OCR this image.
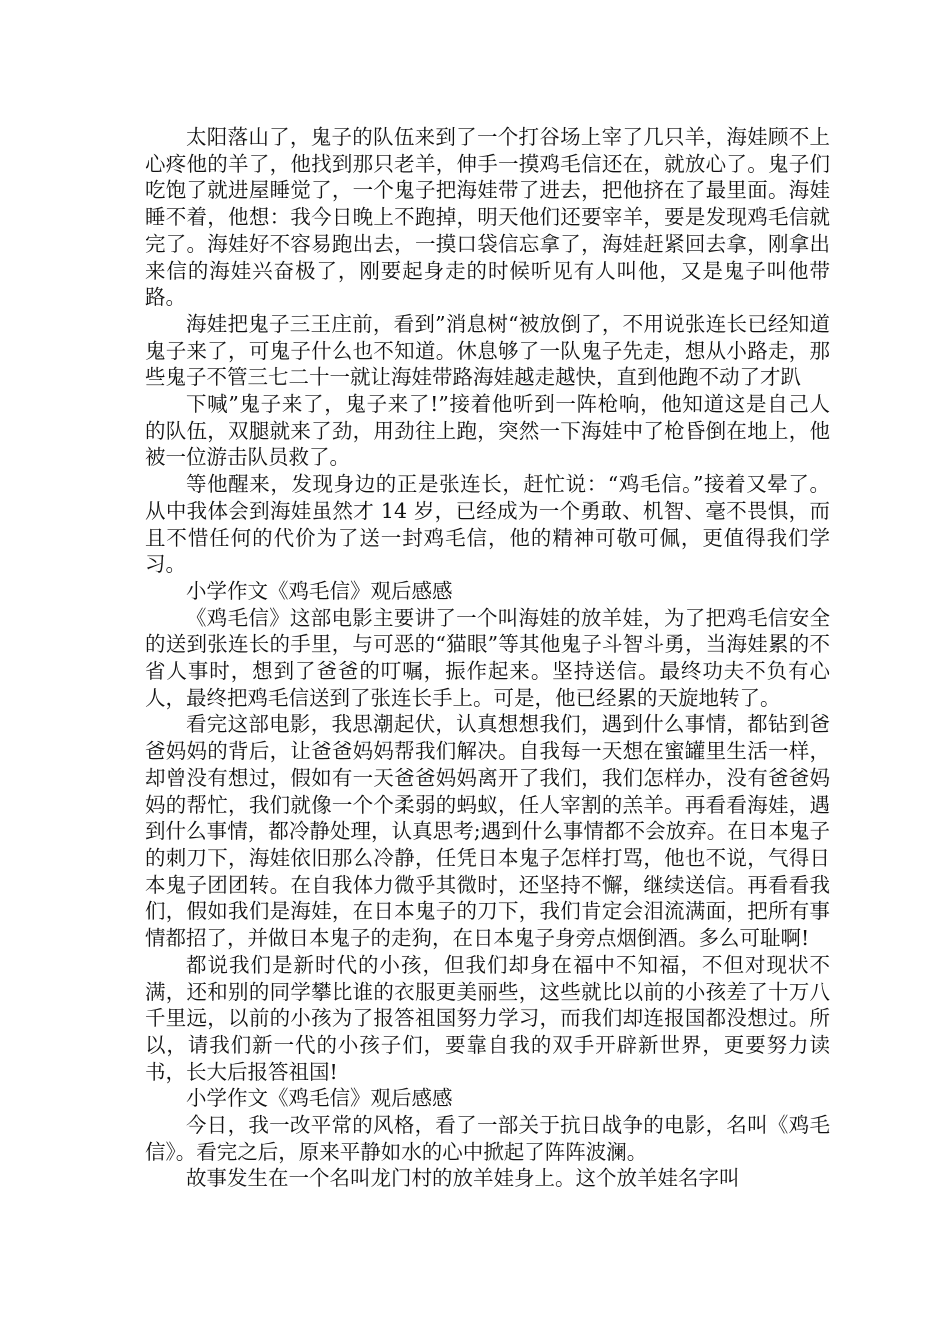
太阳落山了，鬼子的队伍来到了一个打谷场上宰了几只羊，海娃顾不上心疼他的羊了，他找到那只老羊，伸手一摸鸡毛信还在，就放心了。鬼子们吃饱了就进屋睡觉了，一个鬼子把海娃带了进去，把他挤在了最里面。海娃睡不着，他想：我今日晚上不跑掉，明天他们还要宰羊，要是发现鸡毛信就完了。海娃好不容易跑出去，一摸口袋信忘拿了，海娃赶紧回去拿，刚拿出来信的海娃兴奋极了，刚要起身走的时候听见有人叫他，又是鬼子叫他带路。

海娃把鬼子三王庄前，看到”消息树“被放倒了，不用说张连长已经知道鬼子来了，可鬼子什么也不知道。休息够了一队鬼子先走，想从小路走，那些鬼子不管三七二十一就让海娃带路海娃越走越快，直到他跑不动了才趴

下喊”鬼子来了，鬼子来了!”接着他听到一阵枪响，他知道这是自己人的队伍，双腿就来了劲，用劲往上跑，突然一下海娃中了枪昏倒在地上，他被一位游击队员救了。

等他醒来，发现身边的正是张连长，赶忙说：“鸡毛信。”接着又晕了。从中我体会到海娃虽然才 14 岁，已经成为一个勇敢、机智、毫不畏惧，而且不惜任何的代价为了送一封鸡毛信，他的精神可敬可佩，更值得我们学习。

小学作文《鸡毛信》观后感感

《鸡毛信》这部电影主要讲了一个叫海娃的放羊娃，为了把鸡毛信安全的送到张连长的手里，与可恶的“猫眼”等其他鬼子斗智斗勇，当海娃累的不省人事时，想到了爸爸的叮嘱，振作起来。坚持送信。最终功夫不负有心人，最终把鸡毛信送到了张连长手上。可是，他已经累的天旋地转了。

看完这部电影，我思潮起伏，认真想想我们，遇到什么事情，都钻到爸爸妈妈的背后，让爸爸妈妈帮我们解决。自我每一天想在蜜罐里生活一样，却曾没有想过，假如有一天爸爸妈妈离开了我们，我们怎样办，没有爸爸妈妈的帮忙，我们就像一个个柔弱的蚂蚁，任人宰割的羔羊。再看看海娃，遇到什么事情，都冷静处理，认真思考;遇到什么事情都不会放弃。在日本鬼子的刺刀下，海娃依旧那么冷静，任凭日本鬼子怎样打骂，他也不说，气得日本鬼子团团转。在自我体力微乎其微时，还坚持不懈，继续送信。再看看我们，假如我们是海娃，在日本鬼子的刀下，我们肯定会泪流满面，把所有事情都招了，并做日本鬼子的走狗，在日本鬼子身旁点烟倒酒。多么可耻啊!

都说我们是新时代的小孩，但我们却身在福中不知福，不但对现状不满，还和别的同学攀比谁的衣服更美丽些，这些就比以前的小孩差了十万八千里远，以前的小孩为了报答祖国努力学习，而我们却连报国都没想过。所以，请我们新一代的小孩子们，要靠自我的双手开辟新世界，更要努力读书，长大后报答祖国!

小学作文《鸡毛信》观后感感

今日，我一改平常的风格，看了一部关于抗日战争的电影，名叫《鸡毛信》。看完之后，原来平静如水的心中掀起了阵阵波澜。

故事发生在一个名叫龙门村的放羊娃身上。这个放羊娃名字叫
